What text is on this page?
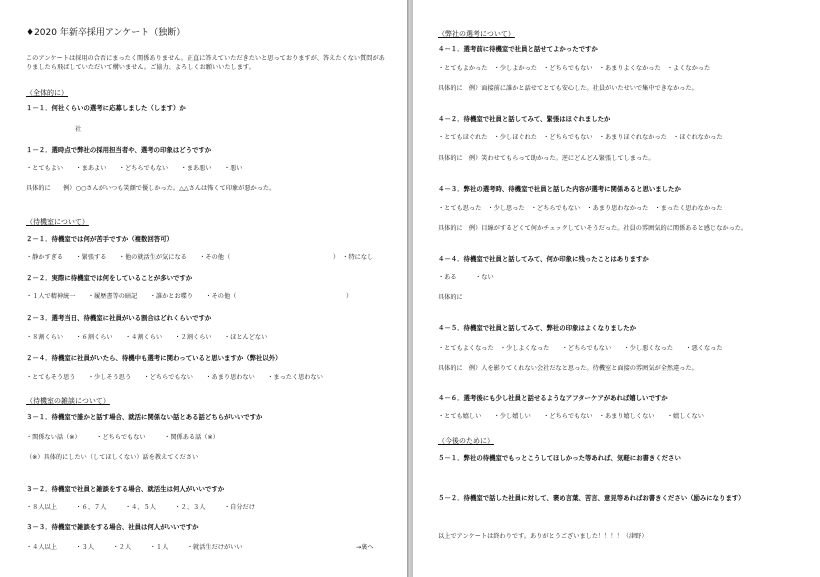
♦2020 年新卒採用アンケート（独断）
このアンケートは採用の合否にまったく関係ありません。正直に答えていただきたいと思っておりますが、答えたくない質問がありましたら飛ばしていただいて構いません。ご協力、よろしくお願いいたします。
（全体的に）
１－１．何社くらいの選考に応募しました（します）か
社
１－２．選時点で弊社の採用担当者や、選考の印象はどうですか
・とてもよい　　・まあよい　　・どちらでもない　　・まあ悪い　　・悪い
具体的に　　例）○○さんがいつも笑顔で優しかった。△△さんは怖くて印象が悪かった。
（待機室について）
２－１．待機室では何が苦手ですか（複数回答可）
・静かすぎる　　・緊張する　　・他の就活生が気になる　　・その他（	）　・特になし
２－２．実際に待機室では何をしていることが多いですか
・１人で精神統一　　・履歴書等の暗記　　・誰かとお喋り　　・その他（	）
２－３．選考当日、待機室に社員がいる割合はどれくらいですか
・８割くらい　　・６割くらい　　・４割くらい　　・２割くらい　　・ほとんどない
２－４．待機室に社員がいたら、待機中も選考に関わっていると思いますか（弊社以外）
・とてもそう思う　　・少しそう思う　　・どちらでもない　　・あまり思わない　　・まったく思わない
（待機室の雑談について）
３－１．待機室で誰かと話す場合、就活に関係ない話とある話どちらがいいですか
・関係ない話（※）　　　・どちらでもない　　　・関係ある話（※）
（※）具体的にしたい（してほしくない）話を教えてください
３－２．待機室で社員と雑談をする場合、就活生は何人がいいですか
・８人以上　　　・６、７人　　　・４、５人　　　・２、３人　　　・自分だけ
３－３．待機室で雑談をする場合、社員は何人がいいですか
・４人以上　　　・３人　　　・２人　　　・１人　　　・就活生だけがいい	→裏へ
（弊社の選考について）
４－１．選考前に待機室で社員と話せてよかったですか
・とてもよかった　・少しよかった　・どちらでもない　・あまりよくなかった　・よくなかった
具体的に　例）面接前に誰かと話せてとても安心した。社員がいたせいで集中できなかった。
４－２．待機室で社員と話してみて、緊張はほぐれましたか
・とてもほぐれた　・少しほぐれた　・どちらでもない　・あまりほぐれなかった　・ほぐれなかった
具体的に　例）笑わせてもらって助かった。逆にどんどん緊張してしまった。
４－３．弊社の選考時、待機室で社員と話した内容が選考に関係あると思いましたか
・とても思った　・少し思った　・どちらでもない　・あまり思わなかった　・まったく思わなかった
具体的に　例）目線がするどくて何かチェックしていそうだった。社員の雰囲気的に関係あると感じなかった。
４－４．待機室で社員と話してみて、何か印象に残ったことはありますか
・ある　　　・ない
具体的に
４－５．待機室で社員と話してみて、弊社の印象はよくなりましたか
・とてもよくなった　・少しよくなった　　・どちらでもない　　・少し悪くなった　　・悪くなった
具体的に　例）人を影りてくれない会社だなと思った。待機室と面接の雰囲気が全然違った。
４－６．選考後にも少し社員と話せるようなアフターケアがあれば嬉しいですか
・とても嬉しい　　・少し嬉しい　　・どちらでもない　・あまり嬉しくない　　・嬉しくない
（今後のために）
５－１．弊社の待機室でもっとこうしてほしかった等あれば、気軽にお書きください
５－２．待機室で話した社員に対して、褒め言葉、苦言、意見等あればお書きください（励みになります）
以上でアンケートは終わりです。ありがとうございました！！！！（津野）
